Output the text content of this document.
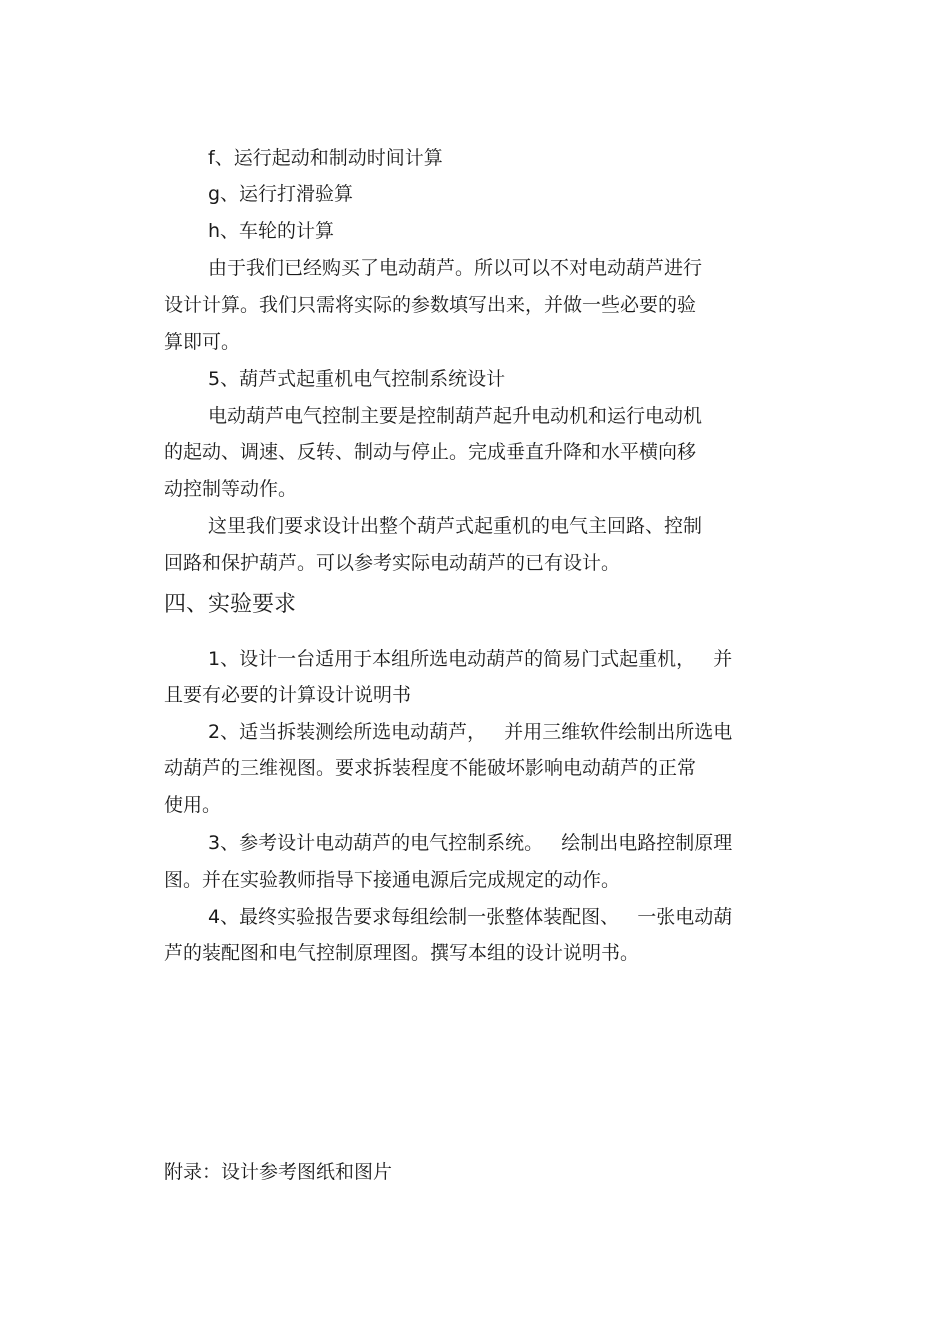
f、运行起动和制动时间计算
g、运行打滑验算
h、车轮的计算
由于我们已经购买了电动葫芦。所以可以不对电动葫芦进行
设计计算。我们只需将实际的参数填写出来，并做一些必要的验
算即可。
5、葫芦式起重机电气控制系统设计
电动葫芦电气控制主要是控制葫芦起升电动机和运行电动机
的起动、调速、反转、制动与停止。完成垂直升降和水平横向移
动控制等动作。
这里我们要求设计出整个葫芦式起重机的电气主回路、控制
回路和保护葫芦。可以参考实际电动葫芦的已有设计。
四、实验要求
1、设计一台适用于本组所选电动葫芦的简易门式起重机，   并
且要有必要的计算设计说明书
2、适当拆装测绘所选电动葫芦，   并用三维软件绘制出所选电
动葫芦的三维视图。要求拆装程度不能破坏影响电动葫芦的正常
使用。
3、参考设计电动葫芦的电气控制系统。   绘制出电路控制原理
图。并在实验教师指导下接通电源后完成规定的动作。
4、最终实验报告要求每组绘制一张整体装配图、   一张电动葫
芦的装配图和电气控制原理图。撰写本组的设计说明书。
附录：设计参考图纸和图片
